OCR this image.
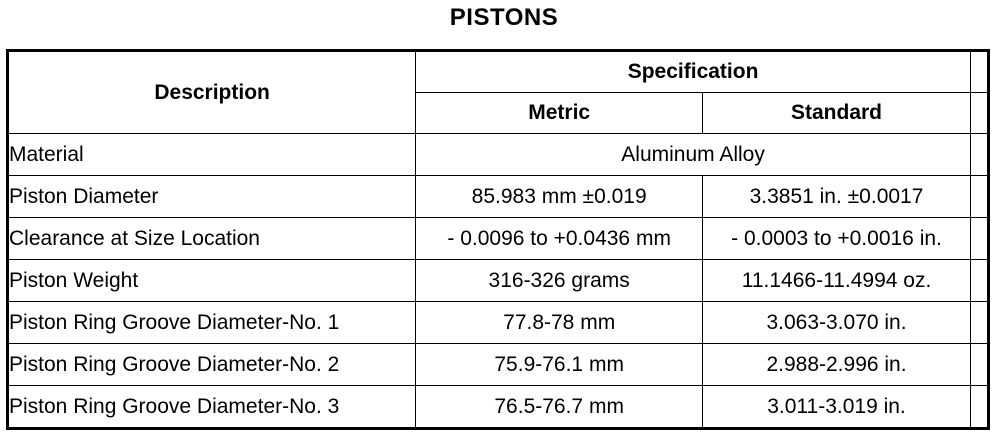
PISTONS
Description	Specification		
	Metric	Standard	
Material	Aluminum Alloy		
Piston Diameter	85.983 mm ±0.019	3.3851 in. ±0.0017	
Clearance at Size Location	- 0.0096 to +0.0436 mm	- 0.0003 to +0.0016 in.	
Piston Weight	316-326 grams	11.1466-11.4994 oz.	
Piston Ring Groove Diameter-No. 1	77.8-78 mm	3.063-3.070 in.	
Piston Ring Groove Diameter-No. 2	75.9-76.1 mm	2.988-2.996 in.	
Piston Ring Groove Diameter-No. 3	76.5-76.7 mm	3.011-3.019 in.	
